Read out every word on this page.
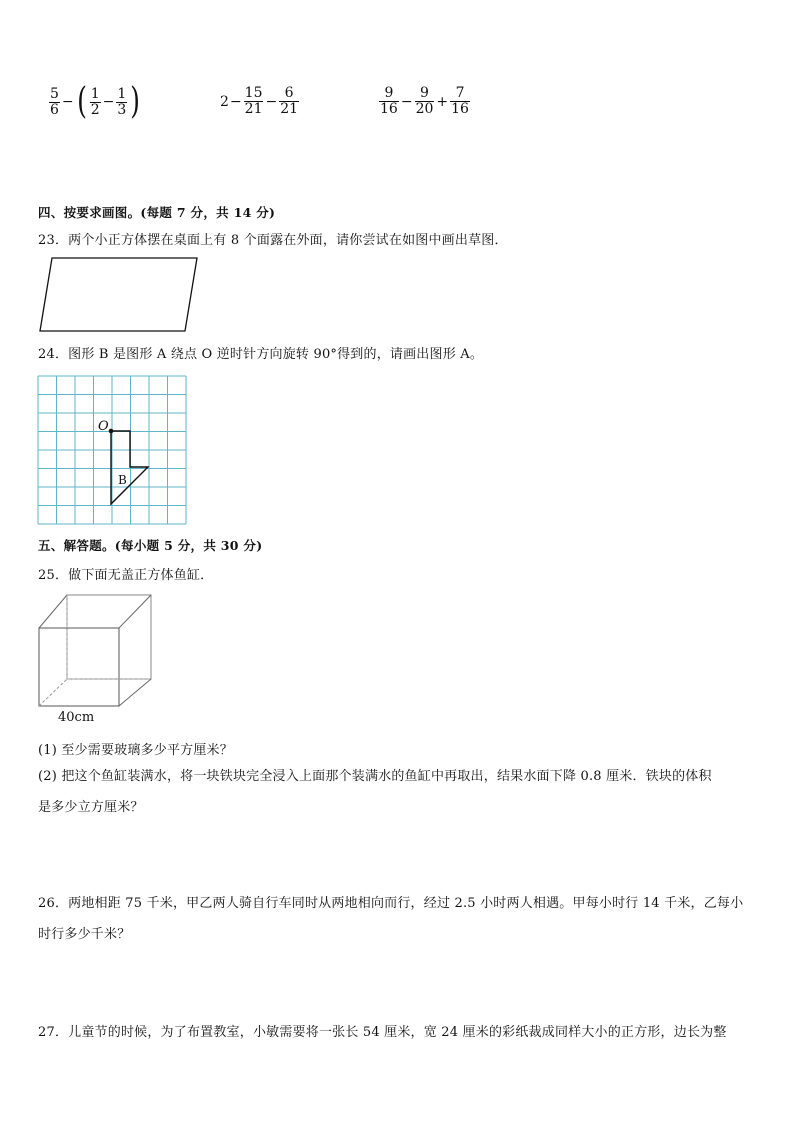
$\frac{5}{6}$ − ( $\frac{1}{2} - \frac{1}{3}$ )	$2 - \frac{15}{21} - \frac{6}{21}$	$\frac{9}{16} - \frac{9}{20} + \frac{7}{16}$
四、按要求画图。(每题 7 分，共 14 分)
23．两个小正方体摆在桌面上有 8 个面露在外面，请你尝试在如图中画出草图．
24．图形 B 是图形 A 绕点 O 逆时针方向旋转 90°得到的，请画出图形 A。
O
B
五、解答题。(每小题 5 分，共 30 分)
25．做下面无盖正方体鱼缸．
40cm
(1) 至少需要玻璃多少平方厘米？
(2) 把这个鱼缸装满水，将一块铁块完全浸入上面那个装满水的鱼缸中再取出，结果水面下降 0.8 厘米．铁块的体积
是多少立方厘米？
26．两地相距 75 千米，甲乙两人骑自行车同时从两地相向而行，经过 2.5 小时两人相遇。甲每小时行 14 千米，乙每小
时行多少千米？
27．儿童节的时候，为了布置教室，小敏需要将一张长 54 厘米，宽 24 厘米的彩纸裁成同样大小的正方形，边长为整
